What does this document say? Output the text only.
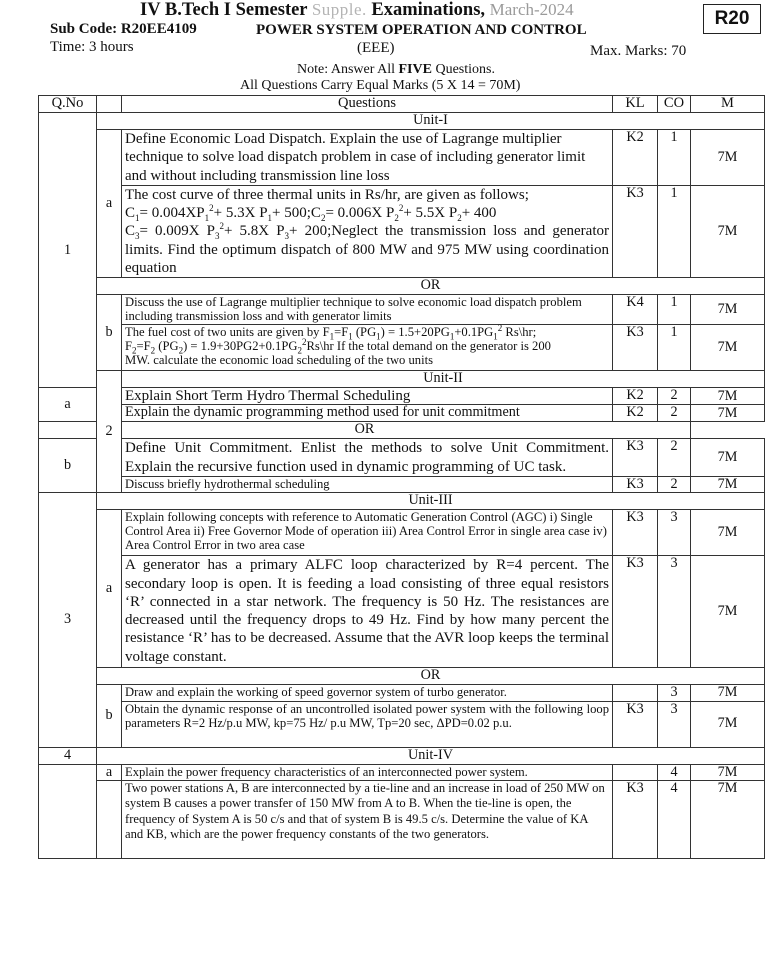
IV B.Tech I Semester Supple. Examinations, March-2024	R20
Sub Code: R20EE4109	POWER SYSTEM OPERATION AND CONTROL
Time: 3 hours	(EEE)	Max. Marks: 70
Note: Answer All FIVE Questions.
All Questions Carry Equal Marks (5 X 14 = 70M)
Q.No		Questions	KL	CO	M
1	Unit-I				
	a	Define Economic Load Dispatch. Explain the use of Lagrange multiplier technique to solve load dispatch problem in case of including generator limit and without including transmission line loss	K2	1	7M
		The cost curve of three thermal units in Rs/hr, are given as follows;
$C_1= 0.004XP_1^2+ 5.3X$ $P_1+$ $500;C_2= 0.006X$ $P_2^2+ 5.5X$ $P_2+ 400$
$C_3= 0.009X$ $P_3^2+ 5.8X$ $P_3+$ 200;Neglect the transmission loss and generator limits. Find the optimum dispatch of 800 MW and 975 MW using coordination equation	K3	1	7M
	OR				
	b	Discuss the use of Lagrange multiplier technique to solve economic load dispatch problem including transmission loss and with generator limits	K4	1	7M
		The fuel cost of two units are given by $F_1=F_1$ $(PG_1) = 1.5+20PG_1+0.1PG_1^2$ Rs\hr;
$F_2=F_2$ $(PG_2)$ = $1.9+30PG2+0.1PG_2^2Rs\backslash hr$ If the total demand on the generator is 200
MW. calculate the economic load scheduling of the two units	K3	1	7M
	2	Unit-II			
a		Explain Short Term Hydro Thermal Scheduling	K2	2	7M
		Explain the dynamic programming method used for unit commitment	K2	2	7M
OR					
b		Define Unit Commitment. Enlist the methods to solve Unit Commitment. Explain the recursive function used in dynamic programming of UC task.	K3	2	7M
		Discuss briefly hydrothermal scheduling	K3	2	7M
3	Unit-III				
	a	Explain following concepts with reference to Automatic Generation Control (AGC) i) Single Control Area ii) Free Governor Mode of operation iii) Area Control Error in single area case iv) Area Control Error in two area case	K3	3	7M
		A generator has a primary ALFC loop characterized by R=4 percent. The secondary loop is open. It is feeding a load consisting of three equal resistors ‘R’ connected in a star network. The frequency is 50 Hz. The resistances are decreased until the frequency drops to 49 Hz. Find by how many percent the resistance ‘R’ has to be decreased. Assume that the AVR loop keeps the terminal voltage constant.	K3	3	7M
	OR				
	b	Draw and explain the working of speed governor system of turbo generator.		3	7M
		Obtain the dynamic response of an uncontrolled isolated power system with the following loop parameters R=2 Hz/p.u MW, kp=75 Hz/ p.u MW, Tp=20 sec, ΔPD=0.02 p.u.	K3	3	7M
4	Unit-IV				
	a	Explain the power frequency characteristics of an interconnected power system.		4	7M
		Two power stations A, B are interconnected by a tie-line and an increase in load of 250 MW on system B causes a power transfer of 150 MW from A to B. When the tie-line is open, the frequency of System A is 50 c/s and that of system B is 49.5 c/s. Determine the value of KA and KB, which are the power frequency constants of the two generators.	K3	4	7M
